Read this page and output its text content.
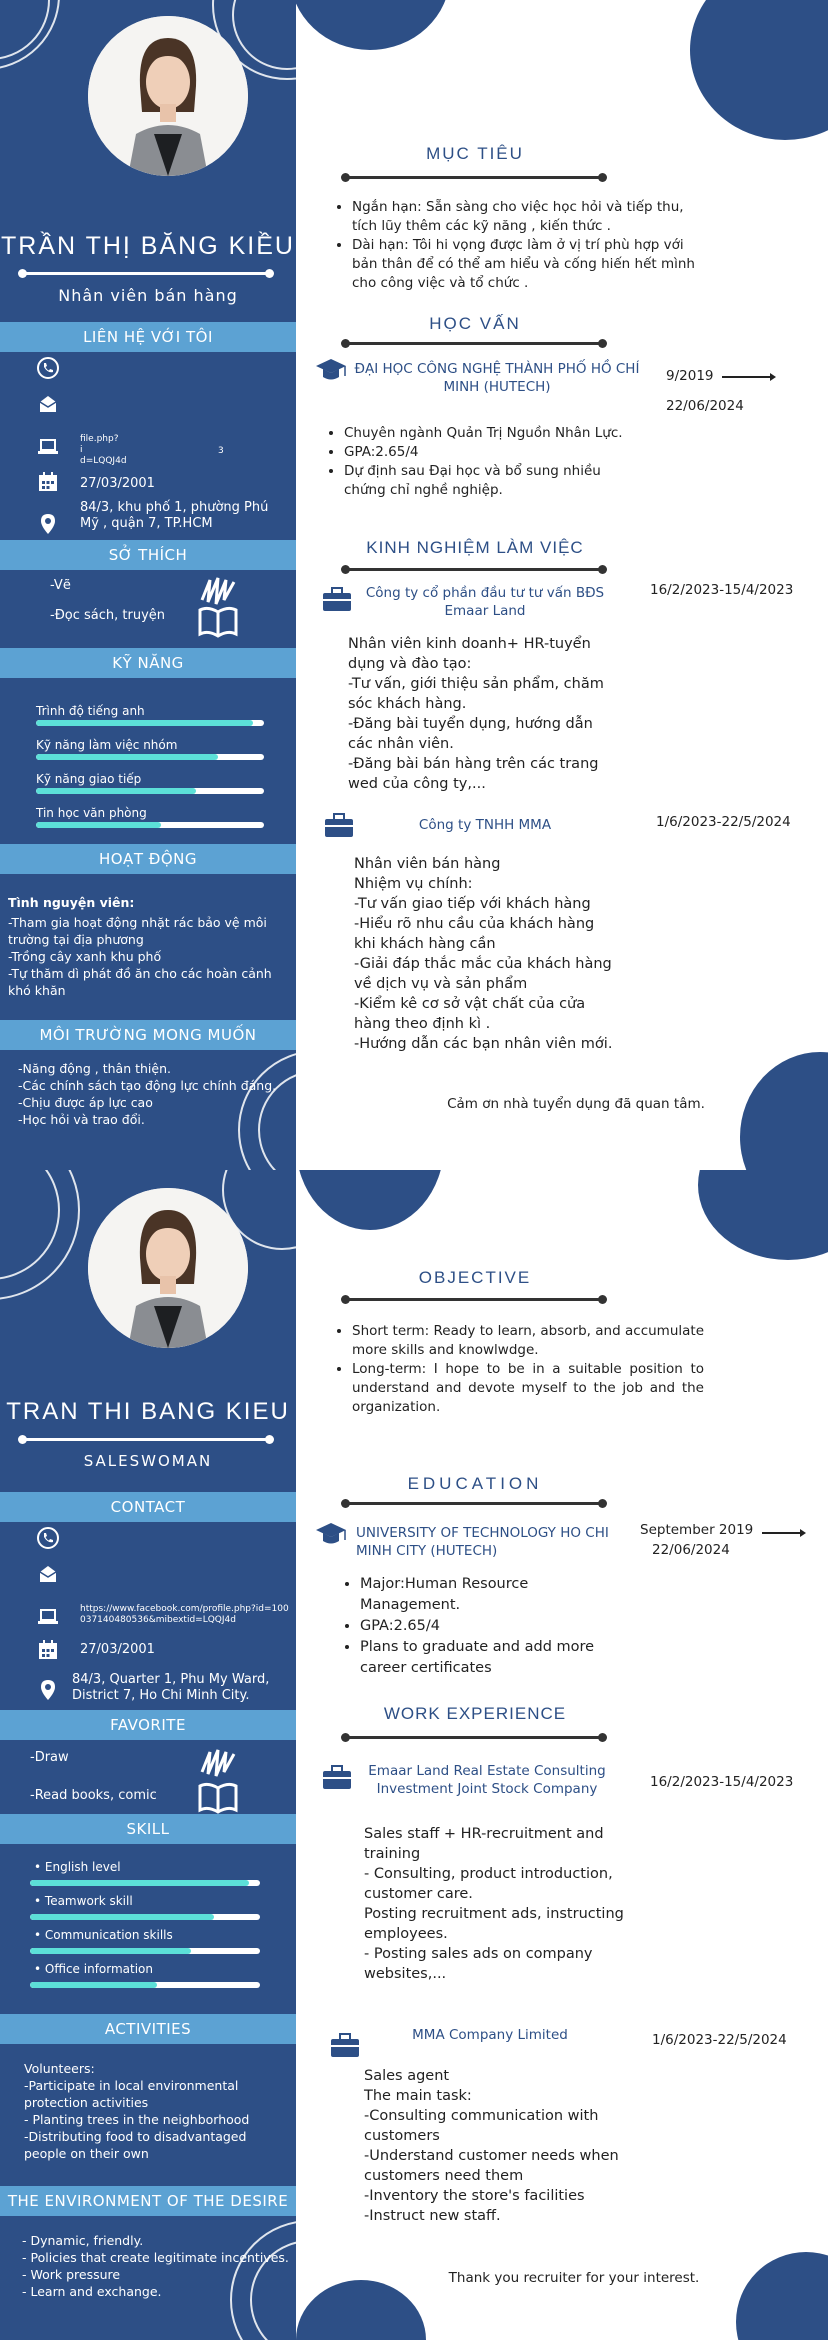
TRẦN THỊ BĂNG KIỀU
Nhân viên bán hàng
LIÊN HỆ VỚI TÔI
file.php?
i
d=LQQJ4d
3
27/03/2001
84/3, khu phố 1, phường Phú Mỹ , quận 7, TP.HCM
SỞ THÍCH
-Vẽ
-Đọc sách, truyện
KỸ NĂNG
Trình độ tiếng anh
Kỹ năng làm việc nhóm
Kỹ năng giao tiếp
Tin học văn phòng
HOẠT ĐỘNG
Tình nguyện viên:
-Tham gia hoạt động nhặt rác bảo vệ môi trường tại địa phương
-Trồng cây xanh khu phố
-Tự thăm dì phát đồ ăn cho các hoàn cảnh khó khăn
MÔI TRƯỜNG MONG MUỐN
-Năng động , thân thiện.
-Các chính sách tạo động lực chính đáng.
-Chịu được áp lực cao
-Học hỏi và trao đổi.
MỤC TIÊU
• Ngắn hạn: Sẵn sàng cho việc học hỏi và tiếp thu, tích lũy thêm các kỹ năng , kiến thức .
• Dài hạn: Tôi hi vọng được làm ở vị trí phù hợp với bản thân để có thể am hiểu và cống hiến hết mình cho công việc và tổ chức .
HỌC VẤN
ĐẠI HỌC CÔNG NGHỆ THÀNH PHỐ HỒ CHÍ MINH (HUTECH)
9/2019
22/06/2024
• Chuyên ngành Quản Trị Nguồn Nhân Lực.
• GPA:2.65/4
• Dự định sau Đại học và bổ sung nhiều chứng chỉ nghề nghiệp.
KINH NGHIỆM LÀM VIỆC
Công ty cổ phần đầu tư tư vấn BĐS Emaar Land
16/2/2023-15/4/2023
Nhân viên kinh doanh+ HR-tuyển dụng và đào tạo:
-Tư vấn, giới thiệu sản phẩm, chăm sóc khách hàng.
-Đăng bài tuyển dụng, hướng dẫn các nhân viên.
-Đăng bài bán hàng trên các trang wed của công ty,...
Công ty TNHH MMA	1/6/2023-22/5/2024
Nhân viên bán hàng
Nhiệm vụ chính:
-Tư vấn giao tiếp với khách hàng
-Hiểu rõ nhu cầu của khách hàng khi khách hàng cần
-Giải đáp thắc mắc của khách hàng về dịch vụ và sản phẩm
-Kiểm kê cơ sở vật chất của cửa hàng theo định kì .
-Hướng dẫn các bạn nhân viên mới.
Cảm ơn nhà tuyển dụng đã quan tâm.
TRAN THI BANG KIEU
SALESWOMAN
CONTACT
https://www.facebook.com/profile.php?id=100037140480536&mibextid=LQQJ4d
27/03/2001
84/3, Quarter 1, Phu My Ward, District 7, Ho Chi Minh City.
FAVORITE
-Draw
-Read books, comic
SKILL
• English level
• Teamwork skill
• Communication skills
• Office information
ACTIVITIES
Volunteers:
-Participate in local environmental protection activities
- Planting trees in the neighborhood
-Distributing food to disadvantaged people on their own
THE ENVIRONMENT OF THE DESIRE
- Dynamic, friendly.
- Policies that create legitimate incentives.
- Work pressure
- Learn and exchange.
OBJECTIVE
• Short term: Ready to learn, absorb, and accumulate more skills and knowlwdge.
• Long-term: I hope to be in a suitable position to understand and devote myself to the job and the organization.
EDUCATION
UNIVERSITY OF TECHNOLOGY HO CHI MINH CITY (HUTECH)
September 2019
22/06/2024
• Major:Human Resource Management.
• GPA:2.65/4
• Plans to graduate and add more career certificates
WORK EXPERIENCE
Emaar Land Real Estate Consulting Investment Joint Stock Company	16/2/2023-15/4/2023
Sales staff + HR-recruitment and training
- Consulting, product introduction, customer care.
Posting recruitment ads, instructing employees.
- Posting sales ads on company websites,...
MMA Company Limited	1/6/2023-22/5/2024
Sales agent
The main task:
-Consulting communication with customers
-Understand customer needs when customers need them
-Inventory the store's facilities
-Instruct new staff.
Thank you recruiter for your interest.
